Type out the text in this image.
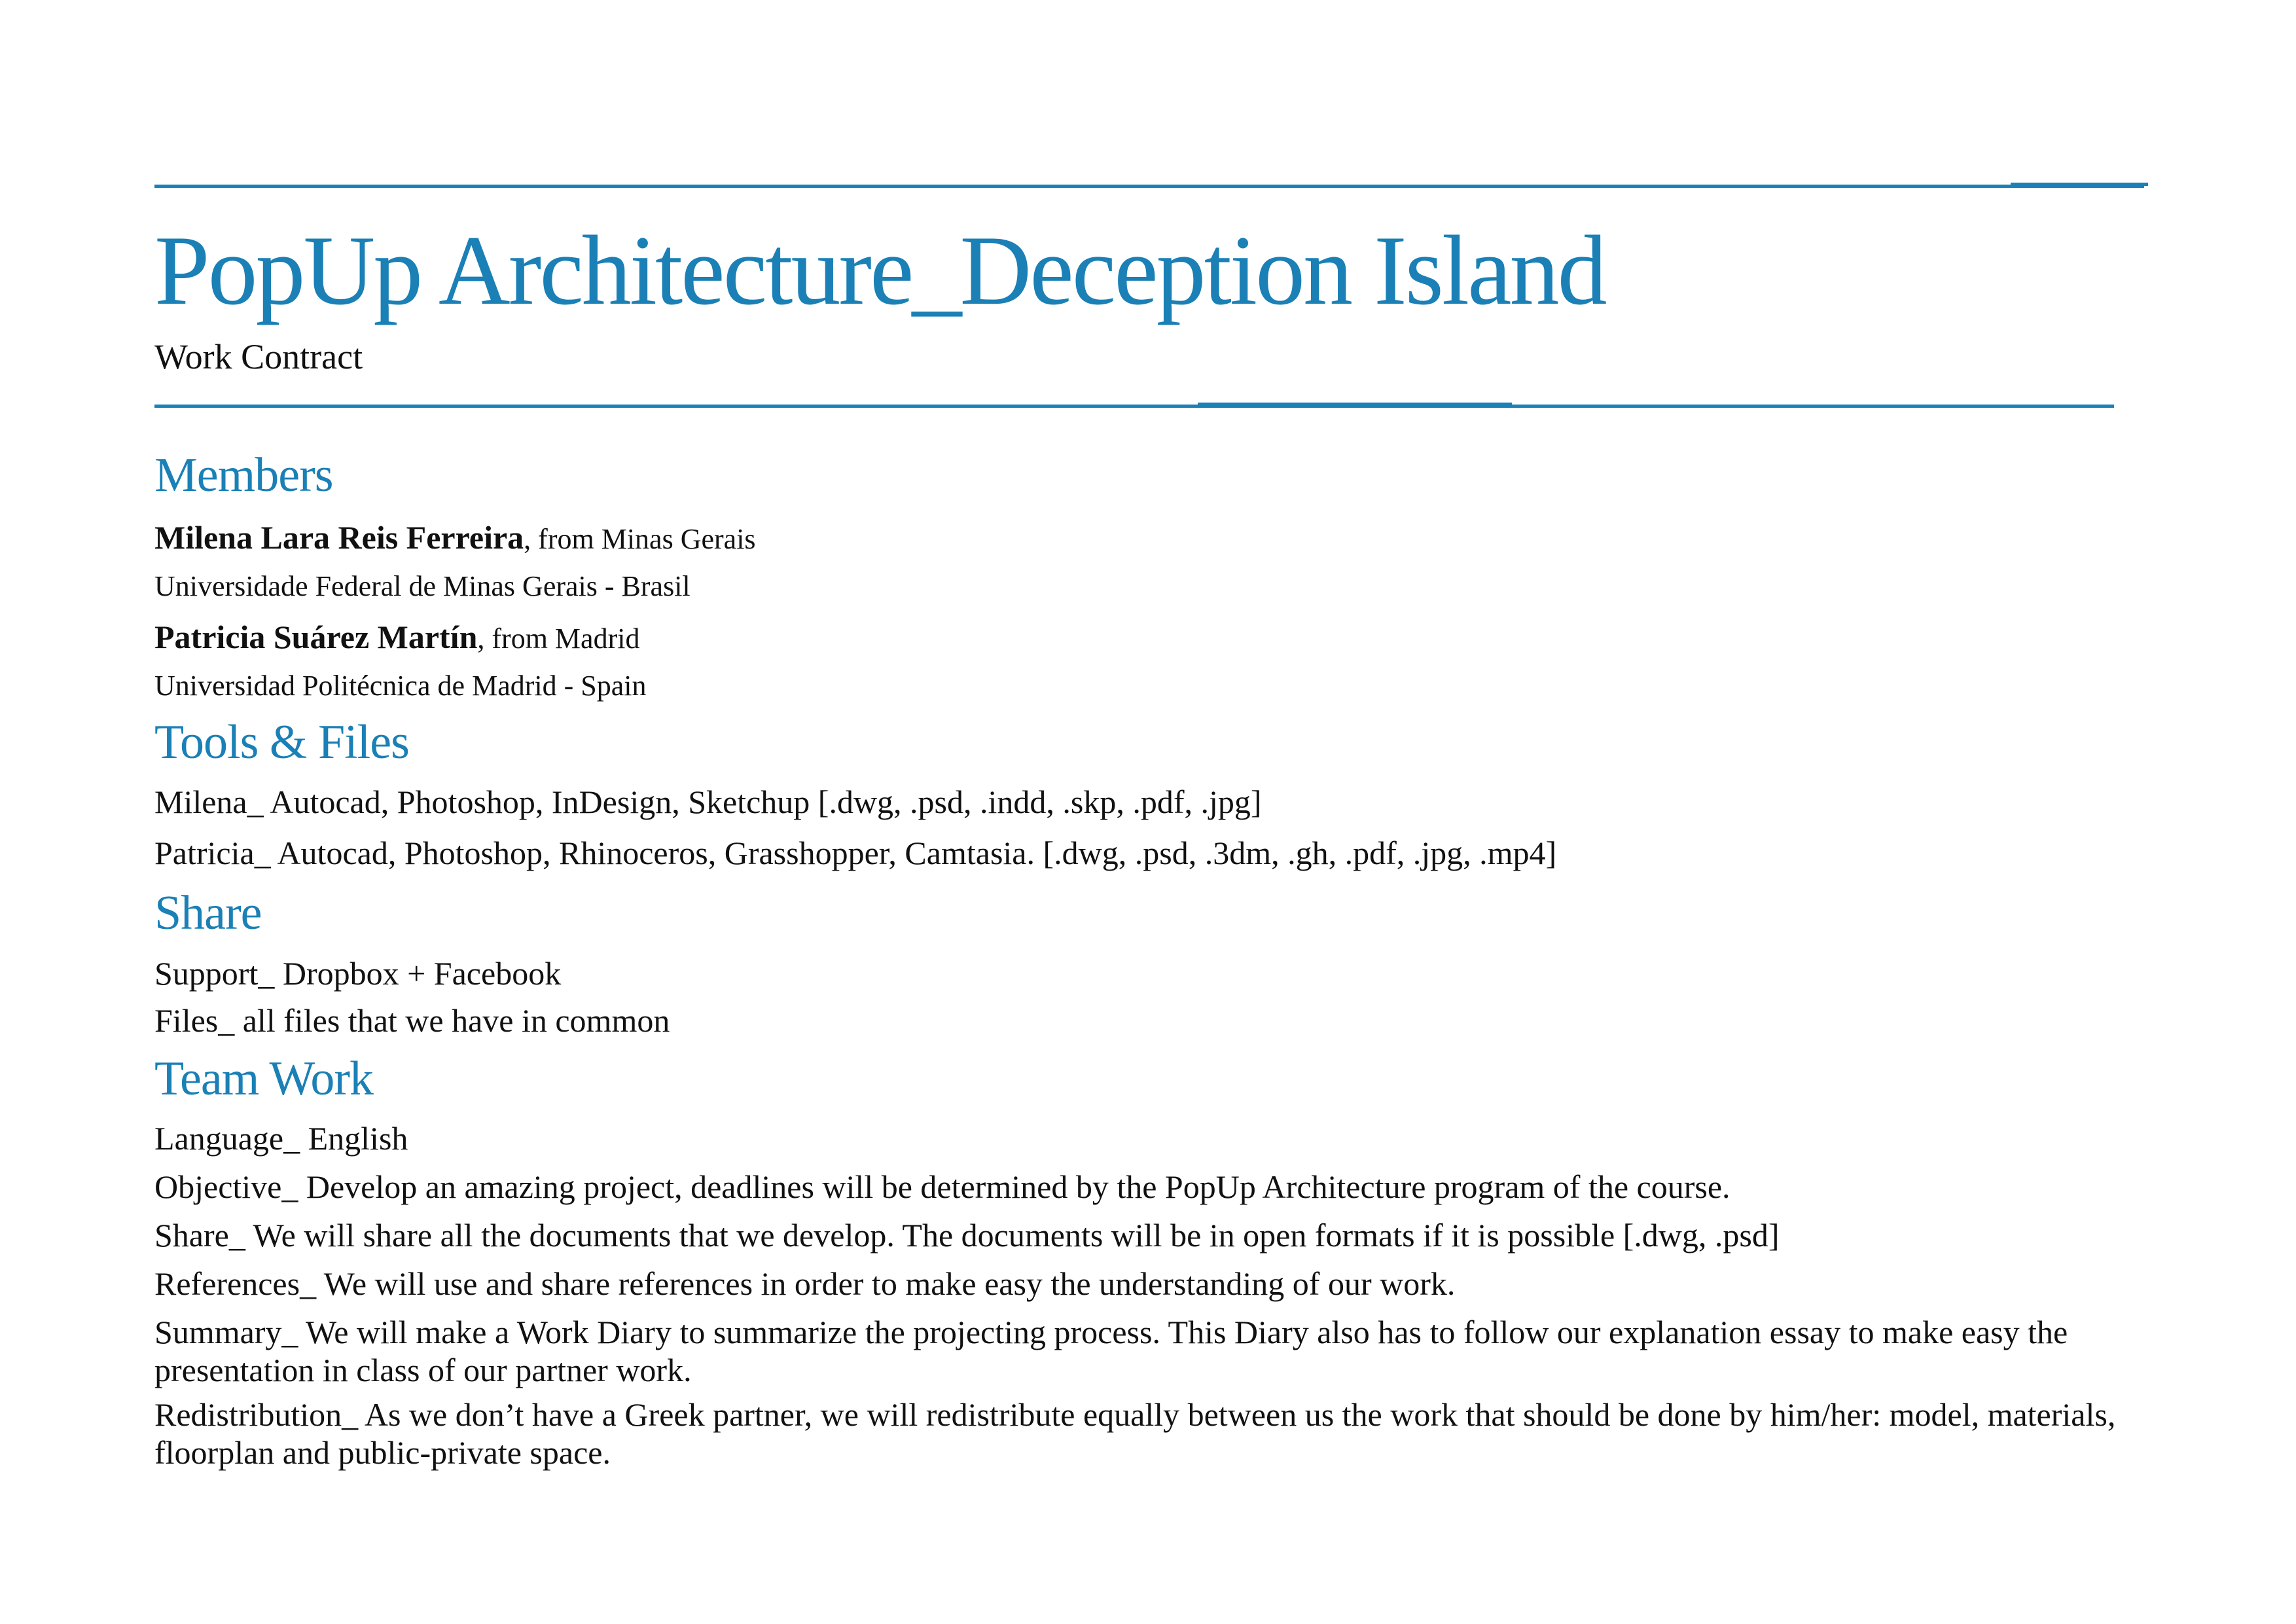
PopUp Architecture_Deception Island
Work Contract
Members
Milena Lara Reis Ferreira, from Minas Gerais
Universidade Federal de Minas Gerais - Brasil
Patricia Suárez Martín, from Madrid
Universidad Politécnica de Madrid - Spain
Tools & Files
Milena_ Autocad, Photoshop, InDesign, Sketchup [.dwg, .psd, .indd, .skp, .pdf, .jpg]
Patricia_ Autocad, Photoshop, Rhinoceros, Grasshopper, Camtasia. [.dwg, .psd, .3dm, .gh, .pdf, .jpg, .mp4]
Share
Support_ Dropbox + Facebook
Files_ all files that we have in common
Team Work
Language_ English
Objective_ Develop an amazing project, deadlines will be determined by the PopUp Architecture program of the course.
Share_ We will share all the documents that we develop. The documents will be in open formats if it is possible [.dwg, .psd]
References_ We will use and share references in order to make easy the understanding of our work.
Summary_ We will make a Work Diary to summarize the projecting process. This Diary also has to follow our explanation essay to make easy the presentation in class of our partner work.
Redistribution_ As we don’t have a Greek partner, we will redistribute equally between us the work that should be done by him/her: model, materials, floorplan and public-private space.
